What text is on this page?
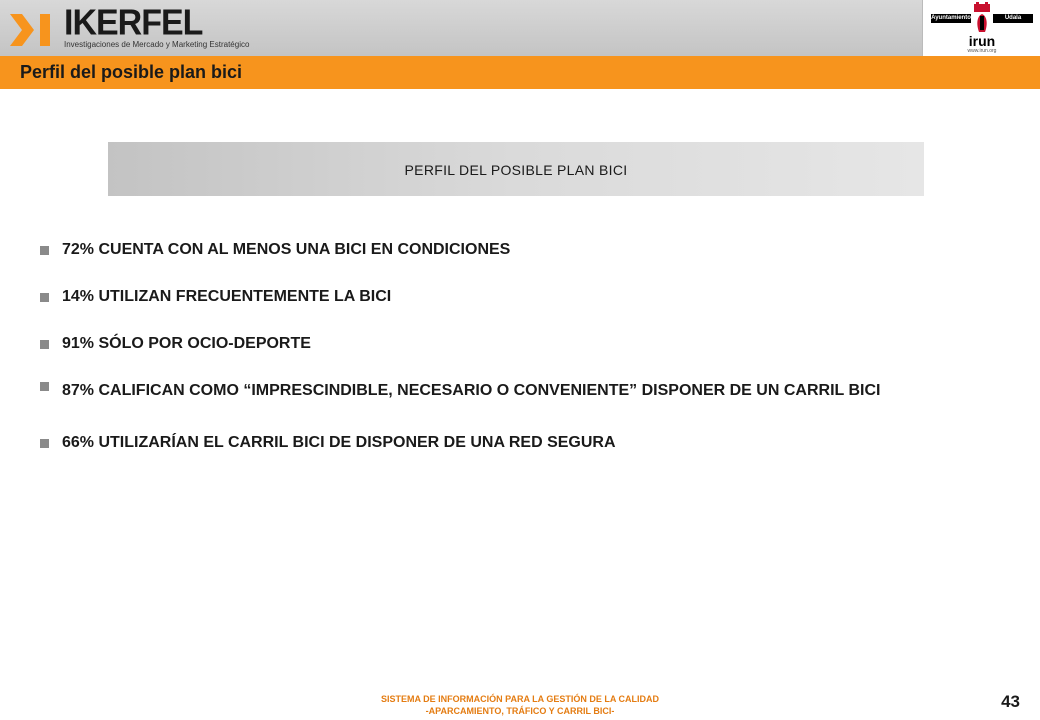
IKERFEL
Investigaciones de Mercado y Marketing Estratégico
Ayuntamiento	Udala
irun
www.irun.org
Perfil del posible plan bici
PERFIL DEL POSIBLE PLAN BICI
72% CUENTA CON AL MENOS UNA BICI EN CONDICIONES
14% UTILIZAN FRECUENTEMENTE LA BICI
91% SÓLO POR OCIO-DEPORTE
87% CALIFICAN COMO “IMPRESCINDIBLE, NECESARIO O CONVENIENTE” DISPONER DE UN CARRIL BICI
66% UTILIZARÍAN EL CARRIL BICI DE DISPONER DE UNA RED SEGURA
SISTEMA DE INFORMACIÓN PARA LA GESTIÓN DE LA CALIDAD
-APARCAMIENTO, TRÁFICO Y CARRIL BICI-	43
